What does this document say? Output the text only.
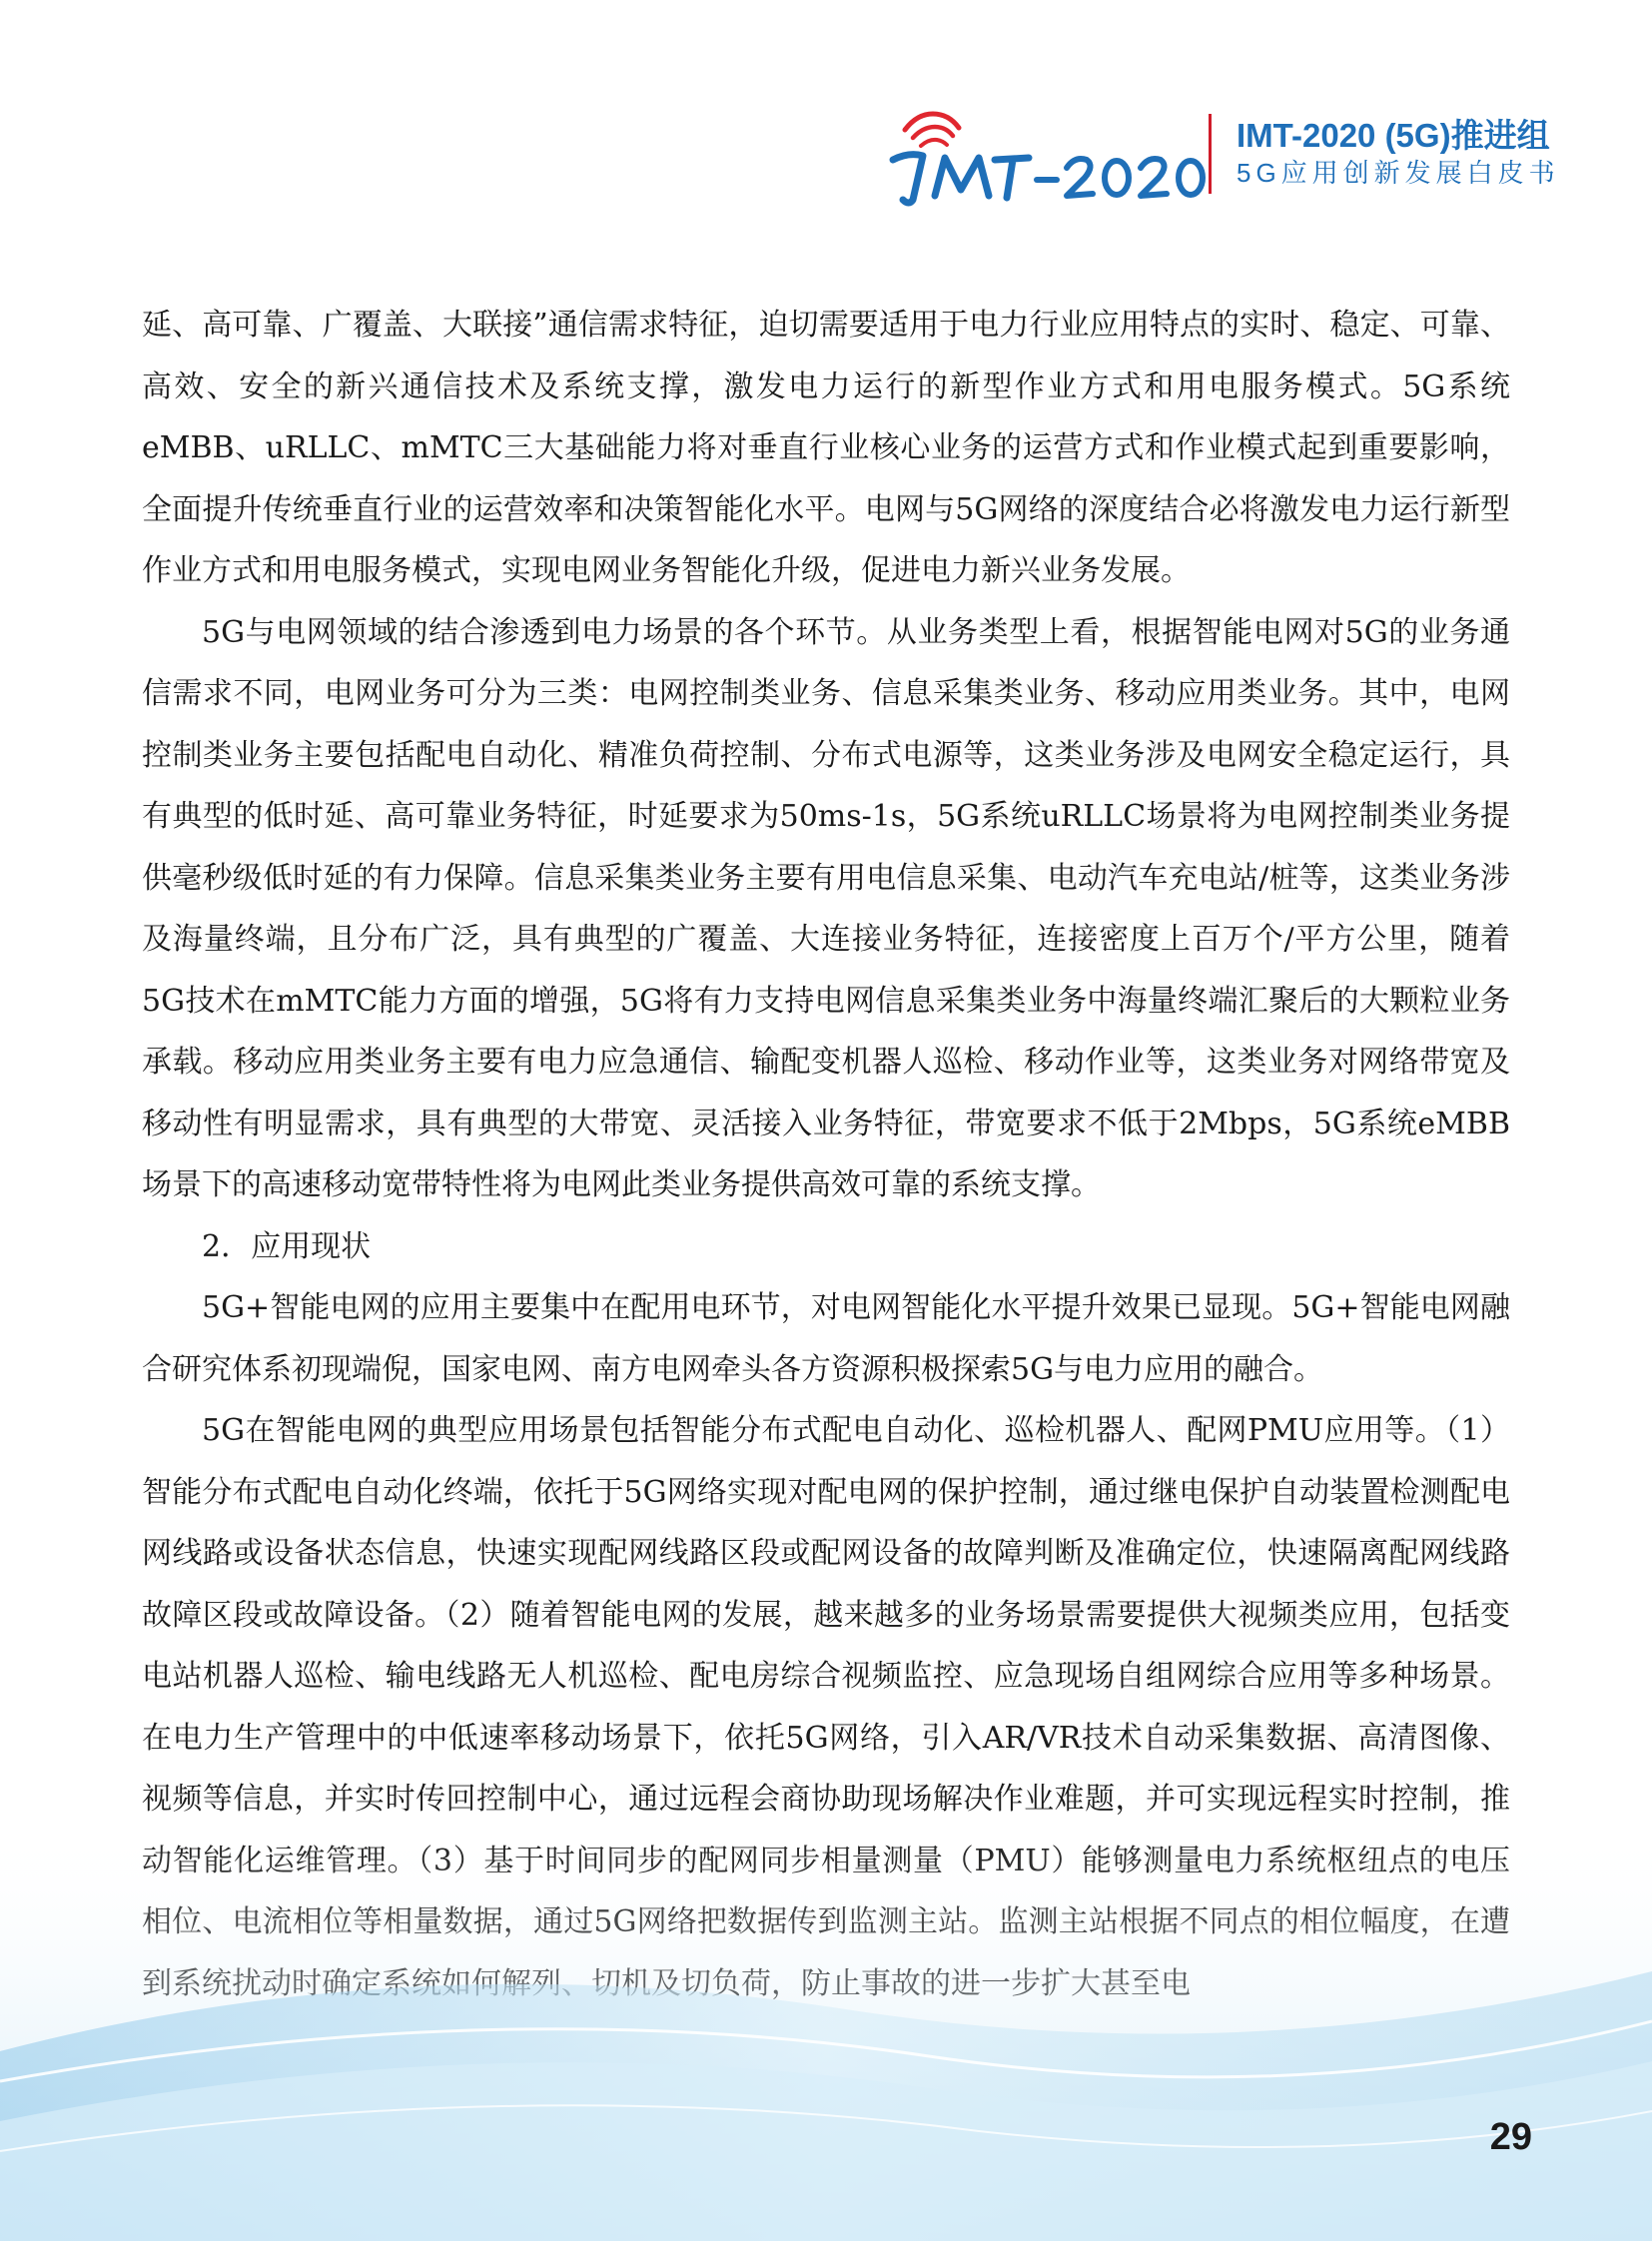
IMT-2020 (5G)推进组
5G应用创新发展白皮书

延、高可靠、广覆盖、大联接”通信需求特征，迫切需要适用于电力行业应用特点的实时、稳定、可靠、高效、安全的新兴通信技术及系统支撑，激发电力运行的新型作业方式和用电服务模式。5G系统eMBB、uRLLC、mMTC三大基础能力将对垂直行业核心业务的运营方式和作业模式起到重要影响，全面提升传统垂直行业的运营效率和决策智能化水平。电网与5G网络的深度结合必将激发电力运行新型作业方式和用电服务模式，实现电网业务智能化升级，促进电力新兴业务发展。

5G与电网领域的结合渗透到电力场景的各个环节。从业务类型上看，根据智能电网对5G的业务通信需求不同，电网业务可分为三类：电网控制类业务、信息采集类业务、移动应用类业务。其中，电网控制类业务主要包括配电自动化、精准负荷控制、分布式电源等，这类业务涉及电网安全稳定运行，具有典型的低时延、高可靠业务特征，时延要求为50ms-1s，5G系统uRLLC场景将为电网控制类业务提供毫秒级低时延的有力保障。信息采集类业务主要有用电信息采集、电动汽车充电站/桩等，这类业务涉及海量终端，且分布广泛，具有典型的广覆盖、大连接业务特征，连接密度上百万个/平方公里，随着5G技术在mMTC能力方面的增强，5G将有力支持电网信息采集类业务中海量终端汇聚后的大颗粒业务承载。移动应用类业务主要有电力应急通信、输配变机器人巡检、移动作业等，这类业务对网络带宽及移动性有明显需求，具有典型的大带宽、灵活接入业务特征，带宽要求不低于2Mbps，5G系统eMBB场景下的高速移动宽带特性将为电网此类业务提供高效可靠的系统支撑。

2．应用现状

5G+智能电网的应用主要集中在配用电环节，对电网智能化水平提升效果已显现。5G+智能电网融合研究体系初现端倪，国家电网、南方电网牵头各方资源积极探索5G与电力应用的融合。

5G在智能电网的典型应用场景包括智能分布式配电自动化、巡检机器人、配网PMU应用等。（1）智能分布式配电自动化终端，依托于5G网络实现对配电网的保护控制，通过继电保护自动装置检测配电网线路或设备状态信息，快速实现配网线路区段或配网设备的故障判断及准确定位，快速隔离配网线路故障区段或故障设备。（2）随着智能电网的发展，越来越多的业务场景需要提供大视频类应用，包括变电站机器人巡检、输电线路无人机巡检、配电房综合视频监控、应急现场自组网综合应用等多种场景。在电力生产管理中的中低速率移动场景下，依托5G网络，引入AR/VR技术自动采集数据、高清图像、视频等信息，并实时传回控制中心，通过远程会商协助现场解决作业难题，并可实现远程实时控制，推

29
